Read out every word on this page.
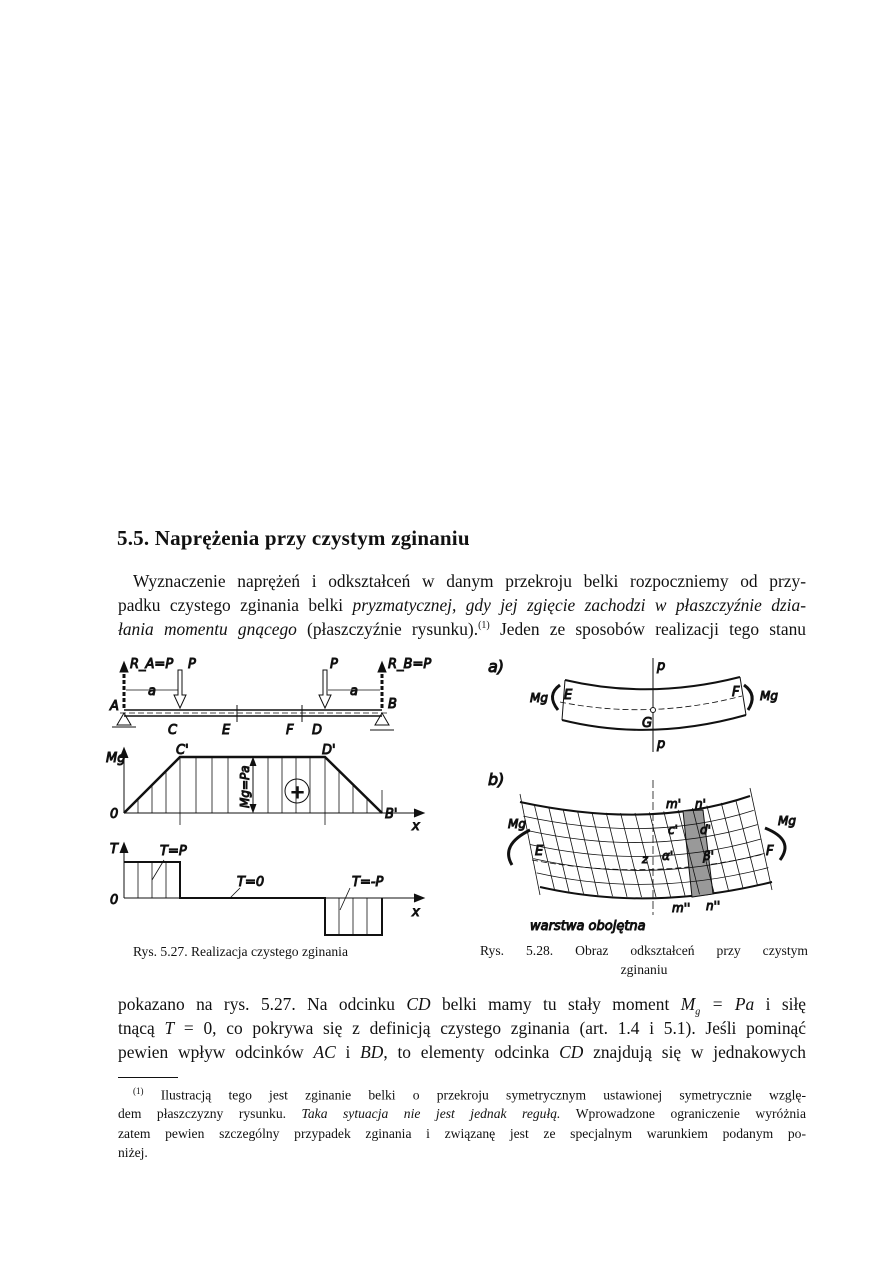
5.5. Naprężenia przy czystym zginaniu
Wyznaczenie naprężeń i odkształceń w danym przekroju belki rozpoczniemy od przy-
padku czystego zginania belki pryzmatycznej, gdy jej zgięcie zachodzi w płaszczyźnie dzia-
łania momentu gnącego (płaszczyźnie rysunku).$^{(1)}$ Jeden ze sposobów realizacji tego stanu
R_A=P	R_B=P
P	P
a	a
A	B
C	E	F D
Mg
C'	D'
B'
0
x
Mg=Pa +
T	T=P
T=0	T=-P
0
x
Rys. 5.27. Realizacja czystego zginania
a)	p
p
E	F
G
Mg	Mg
b)
Mg	Mg
E	F
m' n'
c' d'
α' β'
z
m'' n''
warstwa obojętna
Rys. 5.28. Obraz odkształceń przy czystym
zginaniu
pokazano na rys. 5.27. Na odcinku CD belki mamy tu stały moment $M_g = Pa$ i siłę
tnącą T = 0, co pokrywa się z definicją czystego zginania (art. 1.4 i 5.1). Jeśli pominąć
pewien wpływ odcinków AC i BD, to elementy odcinka CD znajdują się w jednakowych
$^{(1)}$ Ilustracją tego jest zginanie belki o przekroju symetrycznym ustawionej symetrycznie wzglę-
dem płaszczyzny rysunku. Taka sytuacja nie jest jednak regułą. Wprowadzone ograniczenie wyróżnia
zatem pewien szczególny przypadek zginania i związanę jest ze specjalnym warunkiem podanym po-
niżej.
